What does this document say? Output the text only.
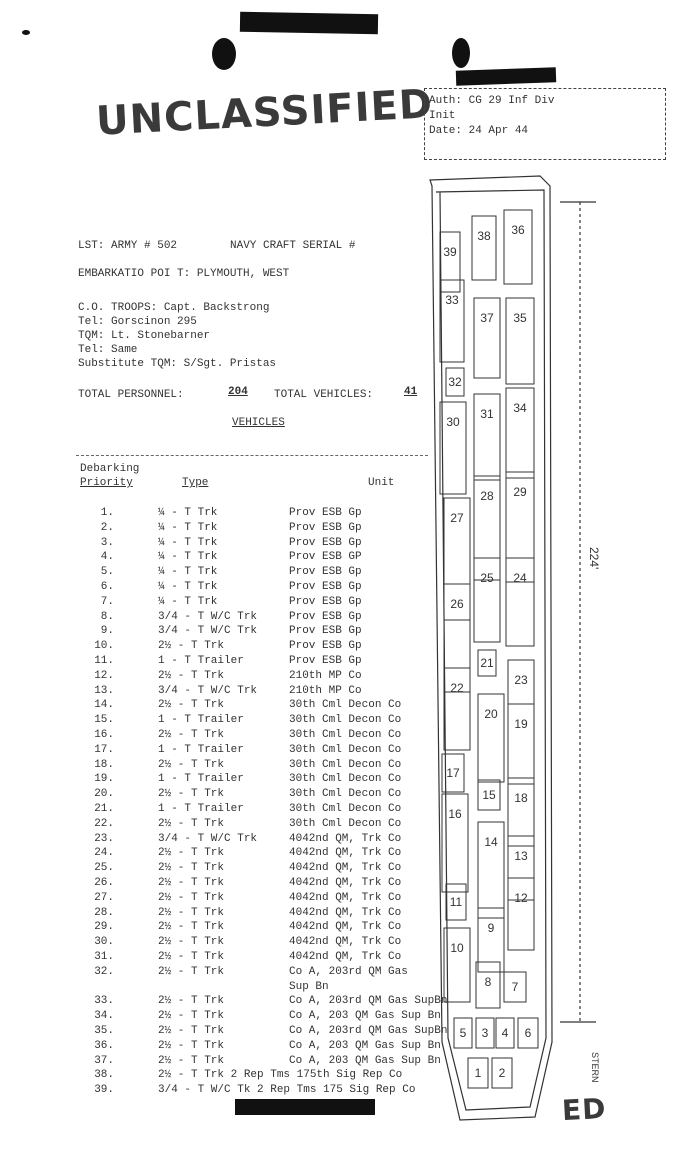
UNCLASSIFIED
Auth: CG 29 Inf Div
Init
Date: 24 Apr 44
LST: ARMY # 502	NAVY CRAFT SERIAL #
EMBARKATIO POI T: PLYMOUTH, WEST
C.O. TROOPS: Capt. Backstrong
Tel: Gorscinon 295
TQM: Lt. Stonebarner
Tel: Same
Substitute TQM: S/Sgt. Pristas
TOTAL PERSONNEL:	204 TOTAL VEHICLES:	41
VEHICLES
Debarking
Priority	Type	Unit
1.	¼ - T Trk	Prov ESB Gp
2.	¼ - T Trk	Prov ESB Gp
3.	¼ - T Trk	Prov ESB Gp
4.	¼ - T Trk	Prov ESB GP
5.	¼ - T Trk	Prov ESB Gp
6.	¼ - T Trk	Prov ESB Gp
7.	¼ - T Trk	Prov ESB Gp
8.	3/4 - T W/C Trk	Prov ESB Gp
9.	3/4 - T W/C Trk	Prov ESB Gp
10.	2½ - T Trk	Prov ESB Gp
11.	1 - T Trailer	Prov ESB Gp
12.	2½ - T Trk	210th MP Co
13.	3/4 - T W/C Trk	210th MP Co
14.	2½ - T Trk	30th Cml Decon Co
15.	1 - T Trailer	30th Cml Decon Co
16.	2½ - T Trk	30th Cml Decon Co
17.	1 - T Trailer	30th Cml Decon Co
18.	2½ - T Trk	30th Cml Decon Co
19.	1 - T Trailer	30th Cml Decon Co
20.	2½ - T Trk	30th Cml Decon Co
21.	1 - T Trailer	30th Cml Decon Co
22.	2½ - T Trk	30th Cml Decon Co
23.	3/4 - T W/C Trk	4042nd QM, Trk Co
24.	2½ - T Trk	4042nd QM, Trk Co
25.	2½ - T Trk	4042nd QM, Trk Co
26.	2½ - T Trk	4042nd QM, Trk Co
27.	2½ - T Trk	4042nd QM, Trk Co
28.	2½ - T Trk	4042nd QM, Trk Co
29.	2½ - T Trk	4042nd QM, Trk Co
30.	2½ - T Trk	4042nd QM, Trk Co
31.	2½ - T Trk	4042nd QM, Trk Co
32.	2½ - T Trk	Co A, 203rd QM Gas
Sup Bn
33.	2½ - T Trk	Co A, 203rd QM Gas SupBn
34.	2½ - T Trk	Co A, 203 QM Gas Sup Bn
35.	2½ - T Trk	Co A, 203rd QM Gas SupBn
36.	2½ - T Trk	Co A, 203 QM Gas Sup Bn
37.	2½ - T Trk	Co A, 203 QM Gas Sup Bn
38.	2½ - T Trk 2 Rep Tms 175th Sig Rep Co
39.	3/4 - T W/C Tk 2 Rep Tms 175 Sig Rep Co
224'
STERN
1 2
3 4
5	6
7
8
9
10
11	12
13
14
15
16
17
18
19
20
21
22
23
24
25
26
27
28 29
30
31
32
33
34
35
36
37
38
39
ED
